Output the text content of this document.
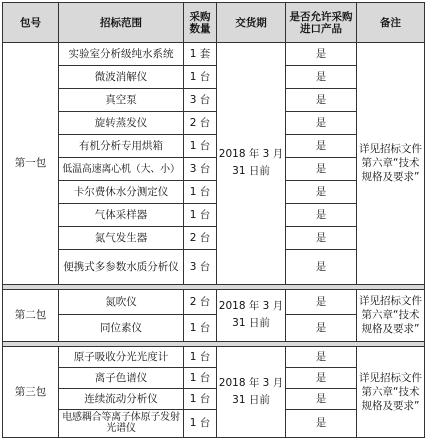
包号	招标范围	采购数量	交货期	是否允许采购进口产品	备注
第一包	实验室分析级纯水系统	1 套	2018 年 3 月 31 日前	是	详见招标文件第六章“技术规格及要求”
	微波消解仪	1 台		是	
	真空泵	3 台		是	
	旋转蒸发仪	2 台		是	
	有机分析专用烘箱	1 台		是	
	低温高速离心机（大、小）	3 台		是	
	卡尔费休水分测定仪	1 台		是	
	气体采样器	1 台		是	
	氮气发生器	2 台		是	
	便携式多参数水质分析仪	3 台		是	

第二包	氮吹仪	2 台	2018 年 3 月 31 日前	是	详见招标文件第六章“技术规格及要求”
	同位素仪	1 台		是	

第三包	原子吸收分光光度计	1 台	2018 年 3 月 31 日前	是	详见招标文件第六章“技术规格及要求”
	离子色谱仪	1 台		是	
	连续流动分析仪	1 台		是	
	电感耦合等离子体原子发射光谱仪	1 台		是	
